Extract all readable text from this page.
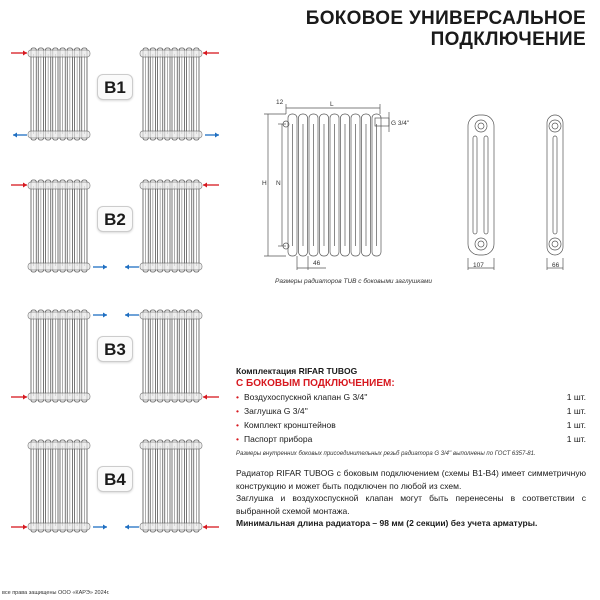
БОКОВОЕ УНИВЕРСАЛЬНОЕ
ПОДКЛЮЧЕНИЕ
B1
B2
B3
B4
12	L
H N
46
G 3/4''
107	66
Размеры радиаторов TUB с боковыми заглушками
Комплектация RIFAR TUBOG
С БОКОВЫМ ПОДКЛЮЧЕНИЕМ:
• Воздухоспускной клапан G 3/4''	1 шт.
• Заглушка G 3/4''	1 шт.
• Комплект кронштейнов	1 шт.
• Паспорт прибора	1 шт.
Размеры внутренних боковых присоединительных резьб радиатора G 3/4'' выполнены по ГОСТ 6357-81.
Радиатор RIFAR TUBOG с боковым подключением (схемы B1-B4) имеет симметричную конструкцию и может быть подключен по любой из схем.
Заглушка и воздухоспускной клапан могут быть перенесены в соответствии с выбранной схемой монтажа.
Минимальная длина радиатора – 98 мм (2 секции) без учета арматуры.
все права защищены ООО «КАРЭ» 2024г.
